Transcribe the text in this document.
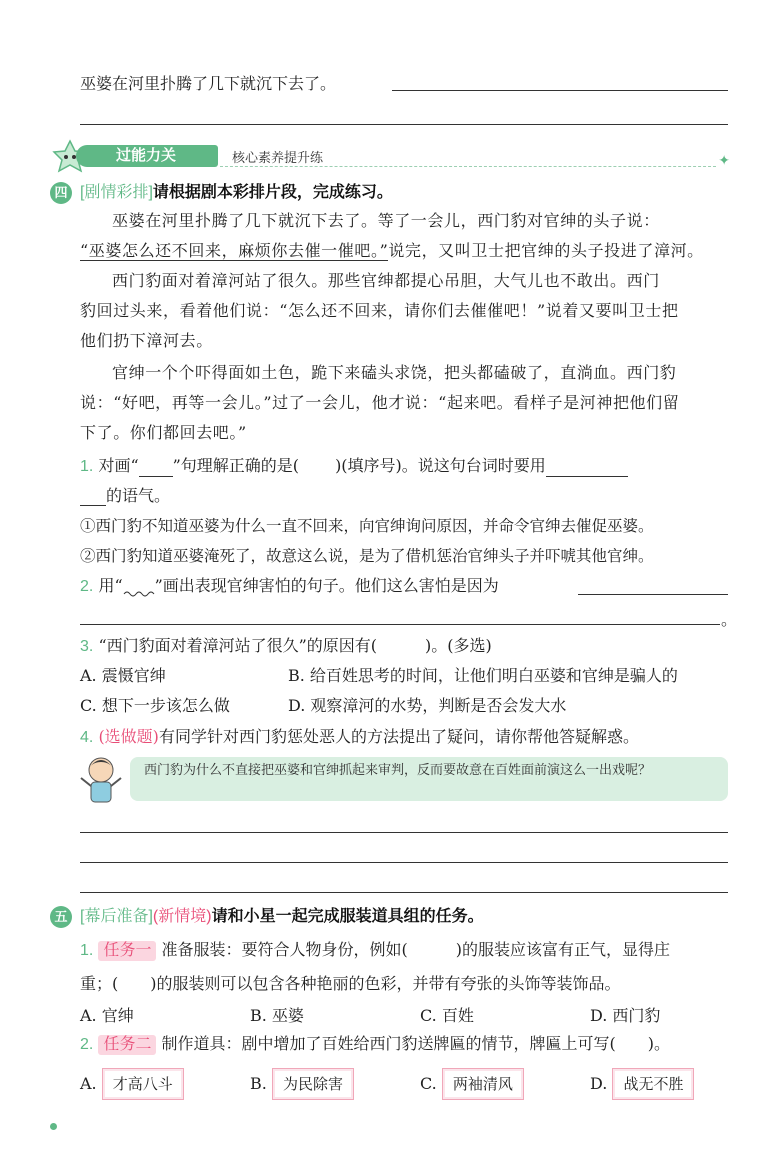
巫婆在河里扑腾了几下就沉下去了。
过能力关	核心素养提升练	✦
四 [剧情彩排]请根据剧本彩排片段，完成练习。
巫婆在河里扑腾了几下就沉下去了。等了一会儿，西门豹对官绅的头子说：
“巫婆怎么还不回来，麻烦你去催一催吧。”说完，又叫卫士把官绅的头子投进了漳河。
西门豹面对着漳河站了很久。那些官绅都提心吊胆，大气儿也不敢出。西门
豹回过头来，看着他们说：“怎么还不回来，请你们去催催吧！”说着又要叫卫士把
他们扔下漳河去。
官绅一个个吓得面如土色，跪下来磕头求饶，把头都磕破了，直淌血。西门豹
说：“好吧，再等一会儿。”过了一会儿，他才说：“起来吧。看样子是河神把他们留
下了。你们都回去吧。”
1. 对画“ ”句理解正确的是( )(填序号)。说这句台词时要用
的语气。
①西门豹不知道巫婆为什么一直不回来，向官绅询问原因，并命令官绅去催促巫婆。
②西门豹知道巫婆淹死了，故意这么说，是为了借机惩治官绅头子并吓唬其他官绅。
2. 用“ ”画出表现官绅害怕的句子。他们这么害怕是因为
。
3. “西门豹面对着漳河站了很久”的原因有(　　　)。(多选)
A. 震慑官绅	B. 给百姓思考的时间，让他们明白巫婆和官绅是骗人的
C. 想下一步该怎么做	D. 观察漳河的水势，判断是否会发大水
4. (选做题)有同学针对西门豹惩处恶人的方法提出了疑问，请你帮他答疑解惑。
西门豹为什么不直接把巫婆和官绅抓起来审判，反而要故意在百姓面前演这么一出戏呢？
五 [幕后准备](新情境)请和小星一起完成服装道具组的任务。
1. 任务一 准备服装：要符合人物身份，例如(　　　)的服装应该富有正气，显得庄
重；(　　)的服装则可以包含各种艳丽的色彩，并带有夸张的头饰等装饰品。
A. 官绅	B. 巫婆	C. 百姓	D. 西门豹
2. 任务二 制作道具：剧中增加了百姓给西门豹送牌匾的情节，牌匾上可写(　　)。
A. 才高八斗	B. 为民除害	C. 两袖清风	D. 战无不胜
